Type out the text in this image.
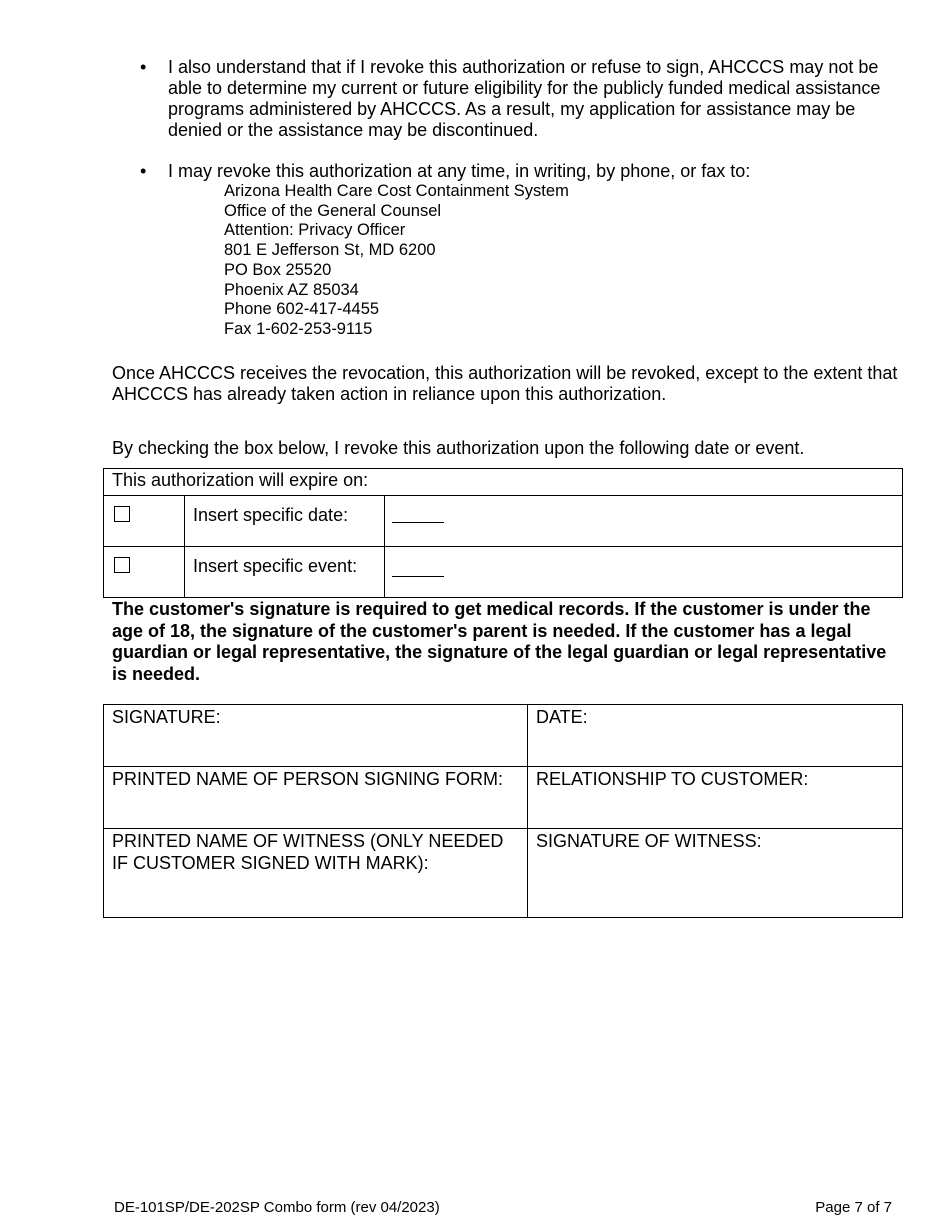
• I also understand that if I revoke this authorization or refuse to sign, AHCCCS may not be able to determine my current or future eligibility for the publicly funded medical assistance programs administered by AHCCCS. As a result, my application for assistance may be denied or the assistance may be discontinued.
• I may revoke this authorization at any time, in writing, by phone, or fax to:
Arizona Health Care Cost Containment System
Office of the General Counsel
Attention: Privacy Officer
801 E Jefferson St, MD 6200
PO Box 25520
Phoenix AZ 85034
Phone 602-417-4455
Fax 1-602-253-9115

Once AHCCCS receives the revocation, this authorization will be revoked, except to the extent that AHCCCS has already taken action in reliance upon this authorization.

By checking the box below, I revoke this authorization upon the following date or event.

This authorization will expire on:		

	Insert specific date:	

	Insert specific event:	

The customer's signature is required to get medical records. If the customer is under the age of 18, the signature of the customer's parent is needed. If the customer has a legal guardian or legal representative, the signature of the legal guardian or legal representative is needed.

SIGNATURE:	DATE:
PRINTED NAME OF PERSON SIGNING FORM:	RELATIONSHIP TO CUSTOMER:
PRINTED NAME OF WITNESS (ONLY NEEDED IF CUSTOMER SIGNED WITH MARK):	SIGNATURE OF WITNESS:
DE-101SP/DE-202SP Combo form (rev 04/2023)	Page 7 of 7
